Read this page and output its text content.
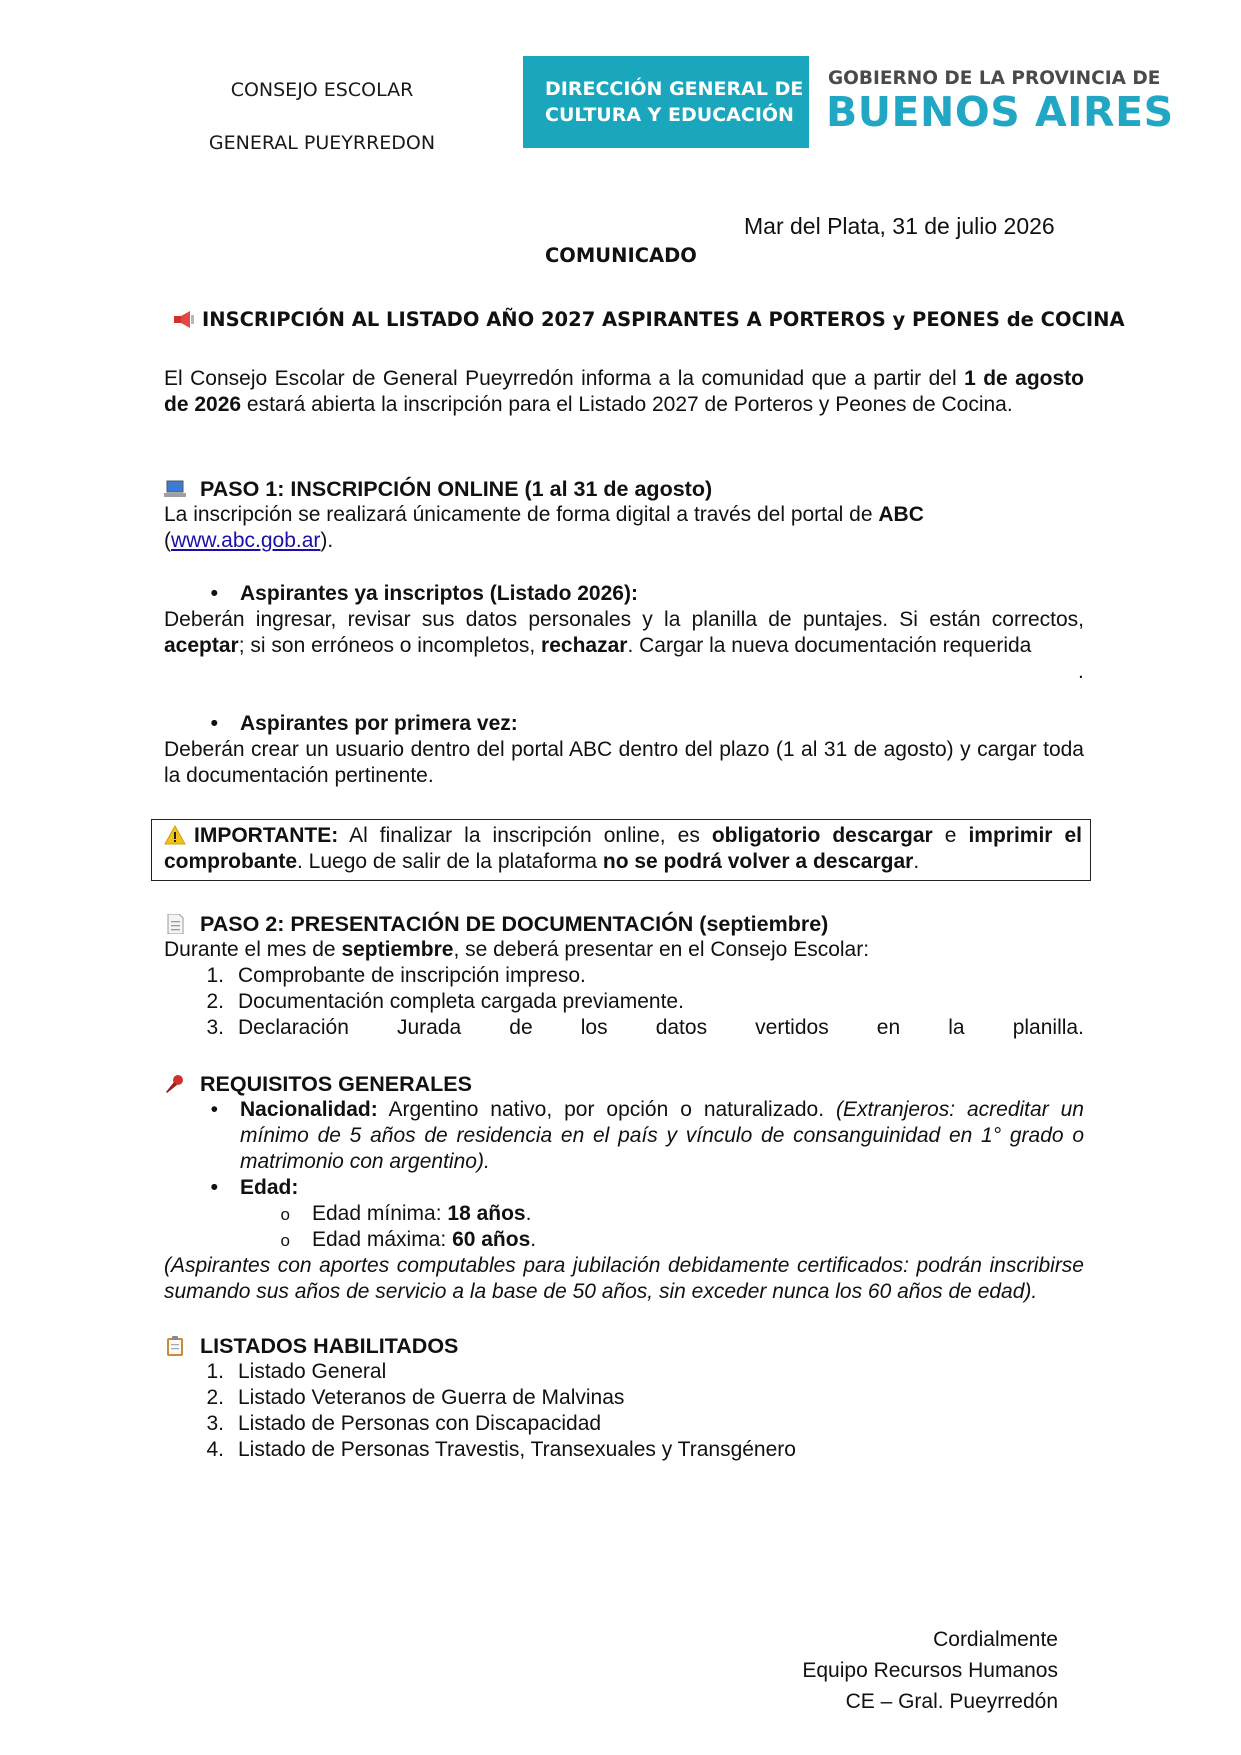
CONSEJO ESCOLAR
GENERAL PUEYRREDON
DIRECCIÓN GENERAL DE
CULTURA Y EDUCACIÓN
GOBIERNO DE LA PROVINCIA DE
BUENOS AIRES
Mar del Plata, 31 de julio 2026
COMUNICADO
INSCRIPCIÓN AL LISTADO AÑO 2027 ASPIRANTES A PORTEROS y PEONES de COCINA
El Consejo Escolar de General Pueyrredón informa a la comunidad que a partir del 1 de agosto de 2026 estará abierta la inscripción para el Listado 2027 de Porteros y Peones de Cocina.
PASO 1: INSCRIPCIÓN ONLINE (1 al 31 de agosto)
La inscripción se realizará únicamente de forma digital a través del portal de ABC
(www.abc.gob.ar).
• Aspirantes ya inscriptos (Listado 2026):
Deberán ingresar, revisar sus datos personales y la planilla de puntajes. Si están correctos, aceptar; si son erróneos o incompletos, rechazar. Cargar la nueva documentación requerida
.
• Aspirantes por primera vez:
Deberán crear un usuario dentro del portal ABC dentro del plazo (1 al 31 de agosto) y cargar toda la documentación pertinente.
IMPORTANTE: Al finalizar la inscripción online, es obligatorio descargar e imprimir el comprobante. Luego de salir de la plataforma no se podrá volver a descargar.
PASO 2: PRESENTACIÓN DE DOCUMENTACIÓN (septiembre)
Durante el mes de septiembre, se deberá presentar en el Consejo Escolar:
1. Comprobante de inscripción impreso.
2. Documentación completa cargada previamente.
3. Declaración Jurada de los datos vertidos en la planilla.
REQUISITOS GENERALES
•	Nacionalidad: Argentino nativo, por opción o naturalizado. (Extranjeros: acreditar un mínimo de 5 años de residencia en el país y vínculo de consanguinidad en 1° grado o matrimonio con argentino).
• Edad:
o Edad mínima: 18 años.
o Edad máxima: 60 años.
(Aspirantes con aportes computables para jubilación debidamente certificados: podrán inscribirse sumando sus años de servicio a la base de 50 años, sin exceder nunca los 60 años de edad).
LISTADOS HABILITADOS
1. Listado General
2. Listado Veteranos de Guerra de Malvinas
3. Listado de Personas con Discapacidad
4. Listado de Personas Travestis, Transexuales y Transgénero
Cordialmente
Equipo Recursos Humanos
CE – Gral. Pueyrredón
